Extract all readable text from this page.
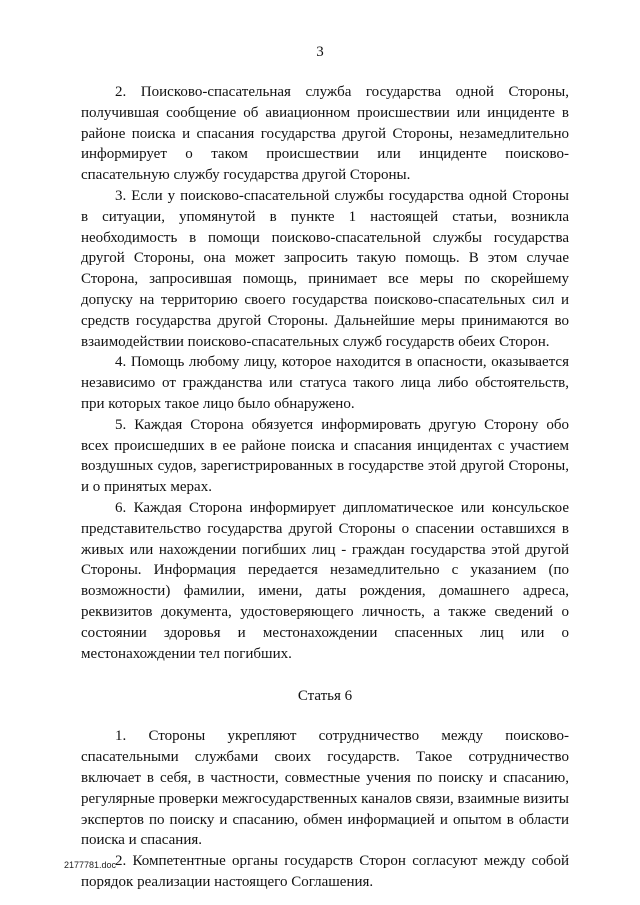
3

2. Поисково-спасательная служба государства одной Стороны, получившая сообщение об авиационном происшествии или инциденте в районе поиска и спасания государства другой Стороны, незамедлительно информирует о таком происшествии или инциденте поисково-спасательную службу государства другой Стороны.

3. Если у поисково-спасательной службы государства одной Стороны в ситуации, упомянутой в пункте 1 настоящей статьи, возникла необходимость в помощи поисково-спасательной службы государства другой Стороны, она может запросить такую помощь. В этом случае Сторона, запросившая помощь, принимает все меры по скорейшему допуску на территорию своего государства поисково-спасательных сил и средств государства другой Стороны. Дальнейшие меры принимаются во взаимодействии поисково-спасательных служб государств обеих Сторон.

4. Помощь любому лицу, которое находится в опасности, оказывается независимо от гражданства или статуса такого лица либо обстоятельств, при которых такое лицо было обнаружено.

5. Каждая Сторона обязуется информировать другую Сторону обо всех происшедших в ее районе поиска и спасания инцидентах с участием воздушных судов, зарегистрированных в государстве этой другой Стороны, и о принятых мерах.

6. Каждая Сторона информирует дипломатическое или консульское представительство государства другой Стороны о спасении оставшихся в живых или нахождении погибших лиц - граждан государства этой другой Стороны. Информация передается незамедлительно с указанием (по возможности) фамилии, имени, даты рождения, домашнего адреса, реквизитов документа, удостоверяющего личность, а также сведений о состоянии здоровья и местонахождении спасенных лиц или о местонахождении тел погибших.

Статья 6

1. Стороны укрепляют сотрудничество между поисково-спасательными службами своих государств. Такое сотрудничество включает в себя, в частности, совместные учения по поиску и спасанию, регулярные проверки межгосударственных каналов связи, взаимные визиты экспертов по поиску и спасанию, обмен информацией и опытом в области поиска и спасания.

2. Компетентные органы государств Сторон согласуют между собой порядок реализации настоящего Соглашения.

2177781.doc
